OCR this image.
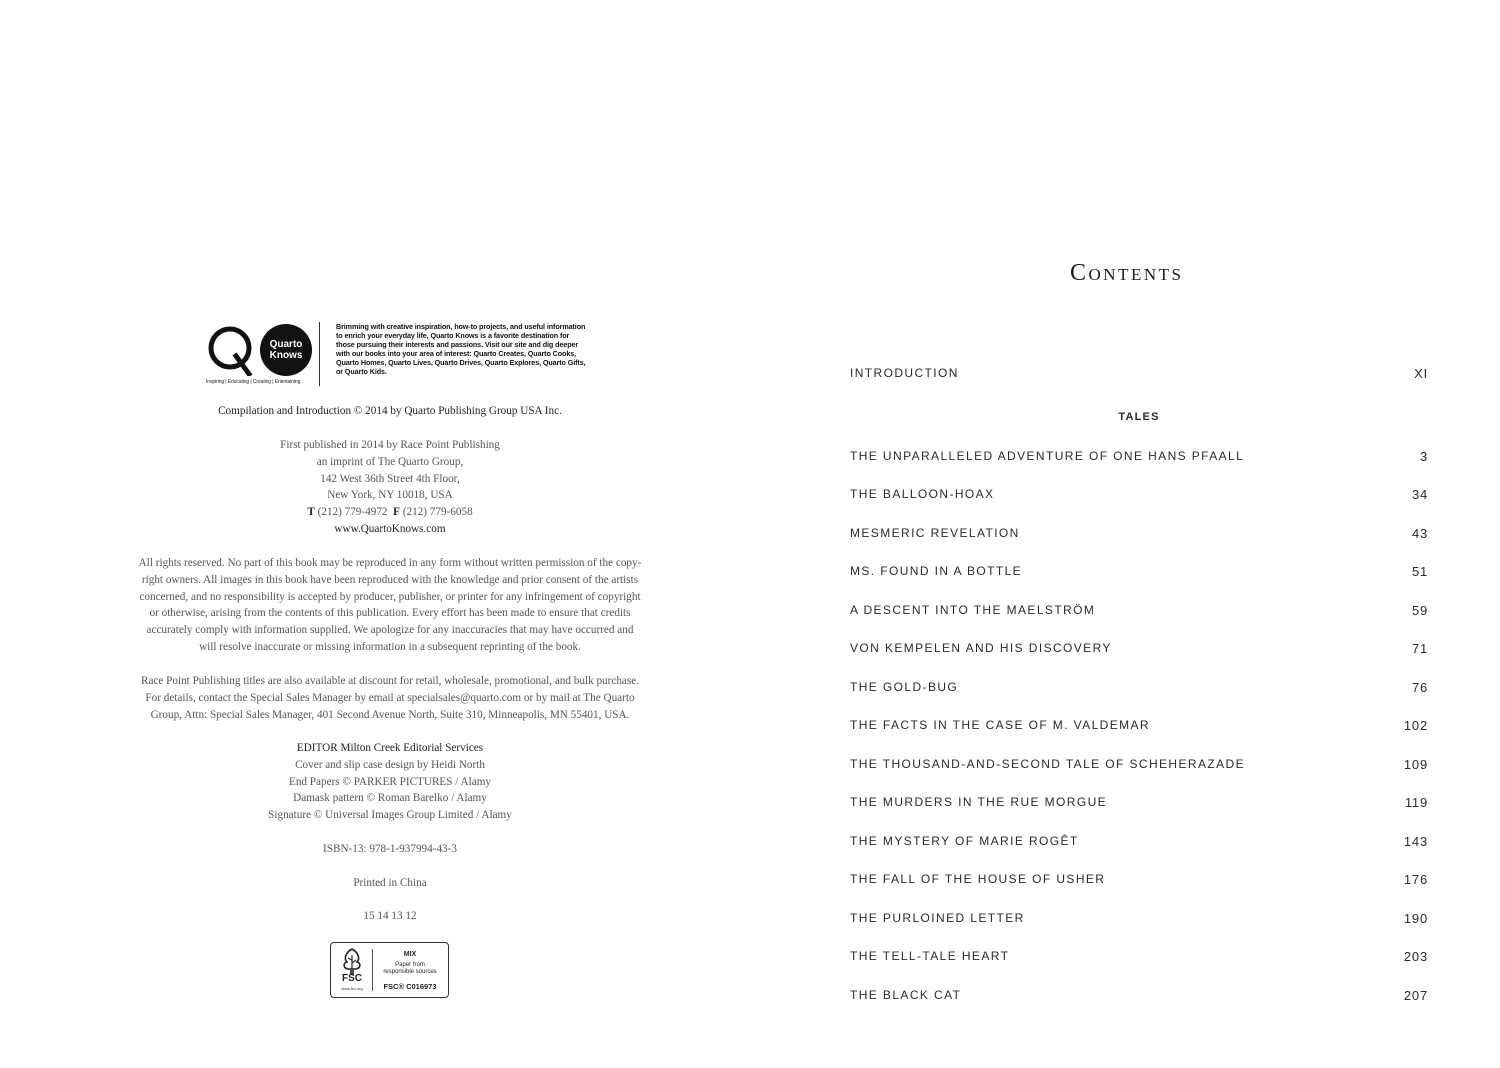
Quarto
Knows
Inspiring | Educating | Creating | Entertaining
Brimming with creative inspiration, how-to projects, and useful information to enrich your everyday life, Quarto Knows is a favorite destination for those pursuing their interests and passions. Visit our site and dig deeper with our books into your area of interest: Quarto Creates, Quarto Cooks, Quarto Homes, Quarto Lives, Quarto Drives, Quarto Explores, Quarto Gifts, or Quarto Kids.
Compilation and Introduction © 2014 by Quarto Publishing Group USA Inc.
First published in 2014 by Race Point Publishing
an imprint of The Quarto Group,
142 West 36th Street 4th Floor,
New York, NY 10018, USA
T (212) 779-4972 F (212) 779-6058
www.QuartoKnows.com
All rights reserved. No part of this book may be reproduced in any form without written permission of the copy-
right owners. All images in this book have been reproduced with the knowledge and prior consent of the artists
concerned, and no responsibility is accepted by producer, publisher, or printer for any infringement of copyright
or otherwise, arising from the contents of this publication. Every effort has been made to ensure that credits
accurately comply with information supplied. We apologize for any inaccuracies that may have occurred and
will resolve inaccurate or missing information in a subsequent reprinting of the book.
Race Point Publishing titles are also available at discount for retail, wholesale, promotional, and bulk purchase.
For details, contact the Special Sales Manager by email at specialsales@quarto.com or by mail at The Quarto
Group, Attn: Special Sales Manager, 401 Second Avenue North, Suite 310, Minneapolis, MN 55401, USA.
EDITOR Milton Creek Editorial Services
Cover and slip case design by Heidi North
End Papers © PARKER PICTURES / Alamy
Damask pattern © Roman Barelko / Alamy
Signature © Universal Images Group Limited / Alamy
ISBN-13: 978-1-937994-43-3
Printed in China
15 14 13 12
FSC
www.fsc.org
MIX
Paper from
responsible sources
FSC® C016973
Contents
INTRODUCTION	XI
TALES
THE UNPARALLELED ADVENTURE OF ONE HANS PFAALL	3
THE BALLOON-HOAX	34
MESMERIC REVELATION	43
MS. FOUND IN A BOTTLE	51
A DESCENT INTO THE MAELSTRÖM	59
VON KEMPELEN AND HIS DISCOVERY	71
THE GOLD-BUG	76
THE FACTS IN THE CASE OF M. VALDEMAR	102
THE THOUSAND-AND-SECOND TALE OF SCHEHERAZADE	109
THE MURDERS IN THE RUE MORGUE	119
THE MYSTERY OF MARIE ROGÊT	143
THE FALL OF THE HOUSE OF USHER	176
THE PURLOINED LETTER	190
THE TELL-TALE HEART	203
THE BLACK CAT	207
